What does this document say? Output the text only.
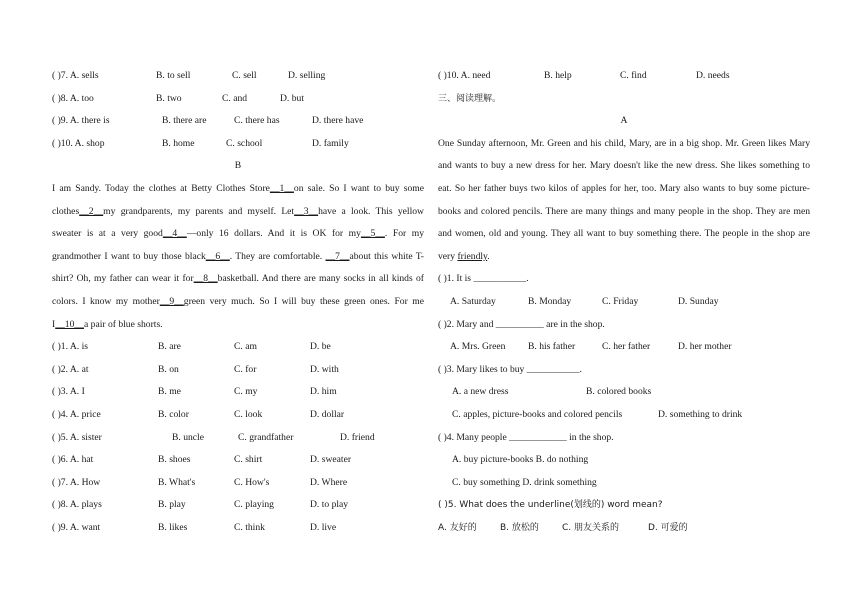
( )7. A. sells	B. to sell	C. sell	D. selling
( )8. A. too	B. two	C. and	D. but
( )9. A. there is	B. there are	C. there has	D. there have
( )10. A. shop	B. home	C. school	D. family
B
I am Sandy. Today the clothes at Betty Clothes Store__1__on sale. So I want to buy some clothes__2__my grandparents, my parents and myself. Let__3__have a look. This yellow sweater is at a very good__4__—only 16 dollars. And it is OK for my__5__. For my grandmother I want to buy those black__6__. They are comfortable. __7__about this white T-shirt? Oh, my father can wear it for__8__basketball. And there are many socks in all kinds of colors. I know my mother__9__green very much. So I will buy these green ones. For me I__10__a pair of blue shorts.
( )1. A. is	B. are	C. am	D. be
( )2. A. at	B. on	C. for	D. with
( )3. A. I	B. me	C. my	D. him
( )4. A. price	B. color	C. look	D. dollar
( )5. A. sister	B. uncle	C. grandfather	D. friend
( )6. A. hat	B. shoes	C. shirt	D. sweater
( )7. A. How	B. What's	C. How's	D. Where
( )8. A. plays	B. play	C. playing	D. to play
( )9. A. want	B. likes	C. think	D. live
( )10. A. need	B. help	C. find	D. needs
三、阅读理解。
A
One Sunday afternoon, Mr. Green and his child, Mary, are in a big shop. Mr. Green likes Mary and wants to buy a new dress for her. Mary doesn't like the new dress. She likes something to eat. So her father buys two kilos of apples for her, too. Mary also wants to buy some picture-books and colored pencils. There are many things and many people in the shop. They are men and women, old and young. They all want to buy something there. The people in the shop are very friendly.
( )1. It is ___________.
A. Saturday	B. Monday	C. Friday	D. Sunday
( )2. Mary and __________ are in the shop.
A. Mrs. Green B. his father	C. her father	D. her mother
( )3. Mary likes to buy ___________.
A. a new dress	B. colored books
C. apples, picture-books and colored pencils	D. something to drink
( )4. Many people ____________ in the shop.
A. buy picture-books B. do nothing
C. buy something D. drink something
( )5. What does the underline(划线的) word mean?
A. 友好的	B. 放松的	C. 朋友关系的	D. 可爱的
